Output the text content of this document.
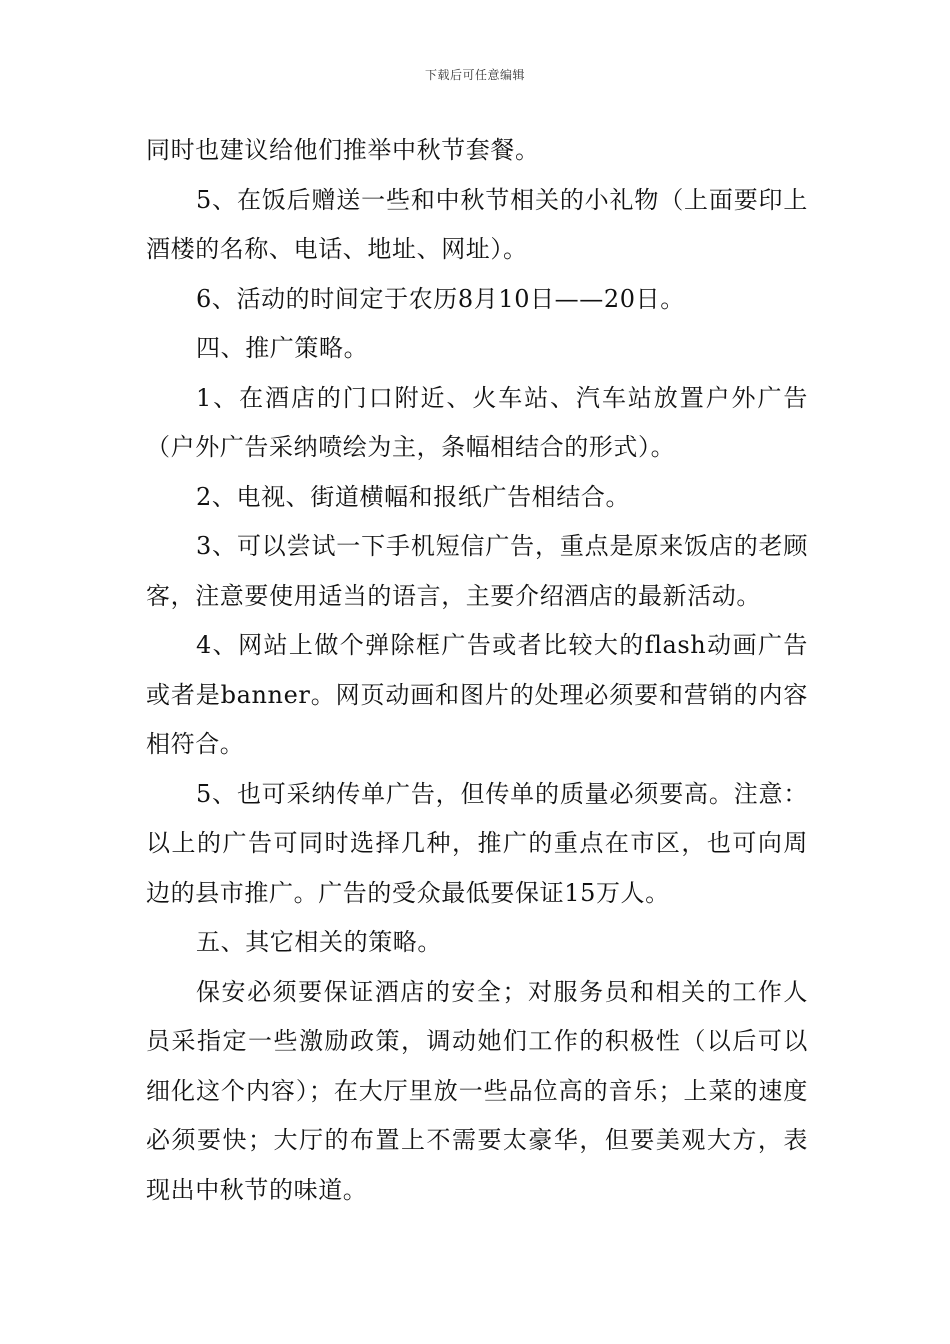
下载后可任意编辑

同时也建议给他们推举中秋节套餐。

5、在饭后赠送一些和中秋节相关的小礼物（上面要印上酒楼的名称、电话、地址、网址）。

6、活动的时间定于农历8月10日——20日。

四、推广策略。

1、在酒店的门口附近、火车站、汽车站放置户外广告（户外广告采纳喷绘为主，条幅相结合的形式）。

2、电视、街道横幅和报纸广告相结合。

3、可以尝试一下手机短信广告，重点是原来饭店的老顾客，注意要使用适当的语言，主要介绍酒店的最新活动。

4、网站上做个弹除框广告或者比较大的flash动画广告或者是banner。网页动画和图片的处理必须要和营销的内容相符合。

5、也可采纳传单广告，但传单的质量必须要高。注意：以上的广告可同时选择几种，推广的重点在市区，也可向周边的县市推广。广告的受众最低要保证15万人。

五、其它相关的策略。

保安必须要保证酒店的安全；对服务员和相关的工作人员采指定一些激励政策，调动她们工作的积极性（以后可以细化这个内容）；在大厅里放一些品位高的音乐；上菜的速度必须要快；大厅的布置上不需要太豪华，但要美观大方，表现出中秋节的味道。
